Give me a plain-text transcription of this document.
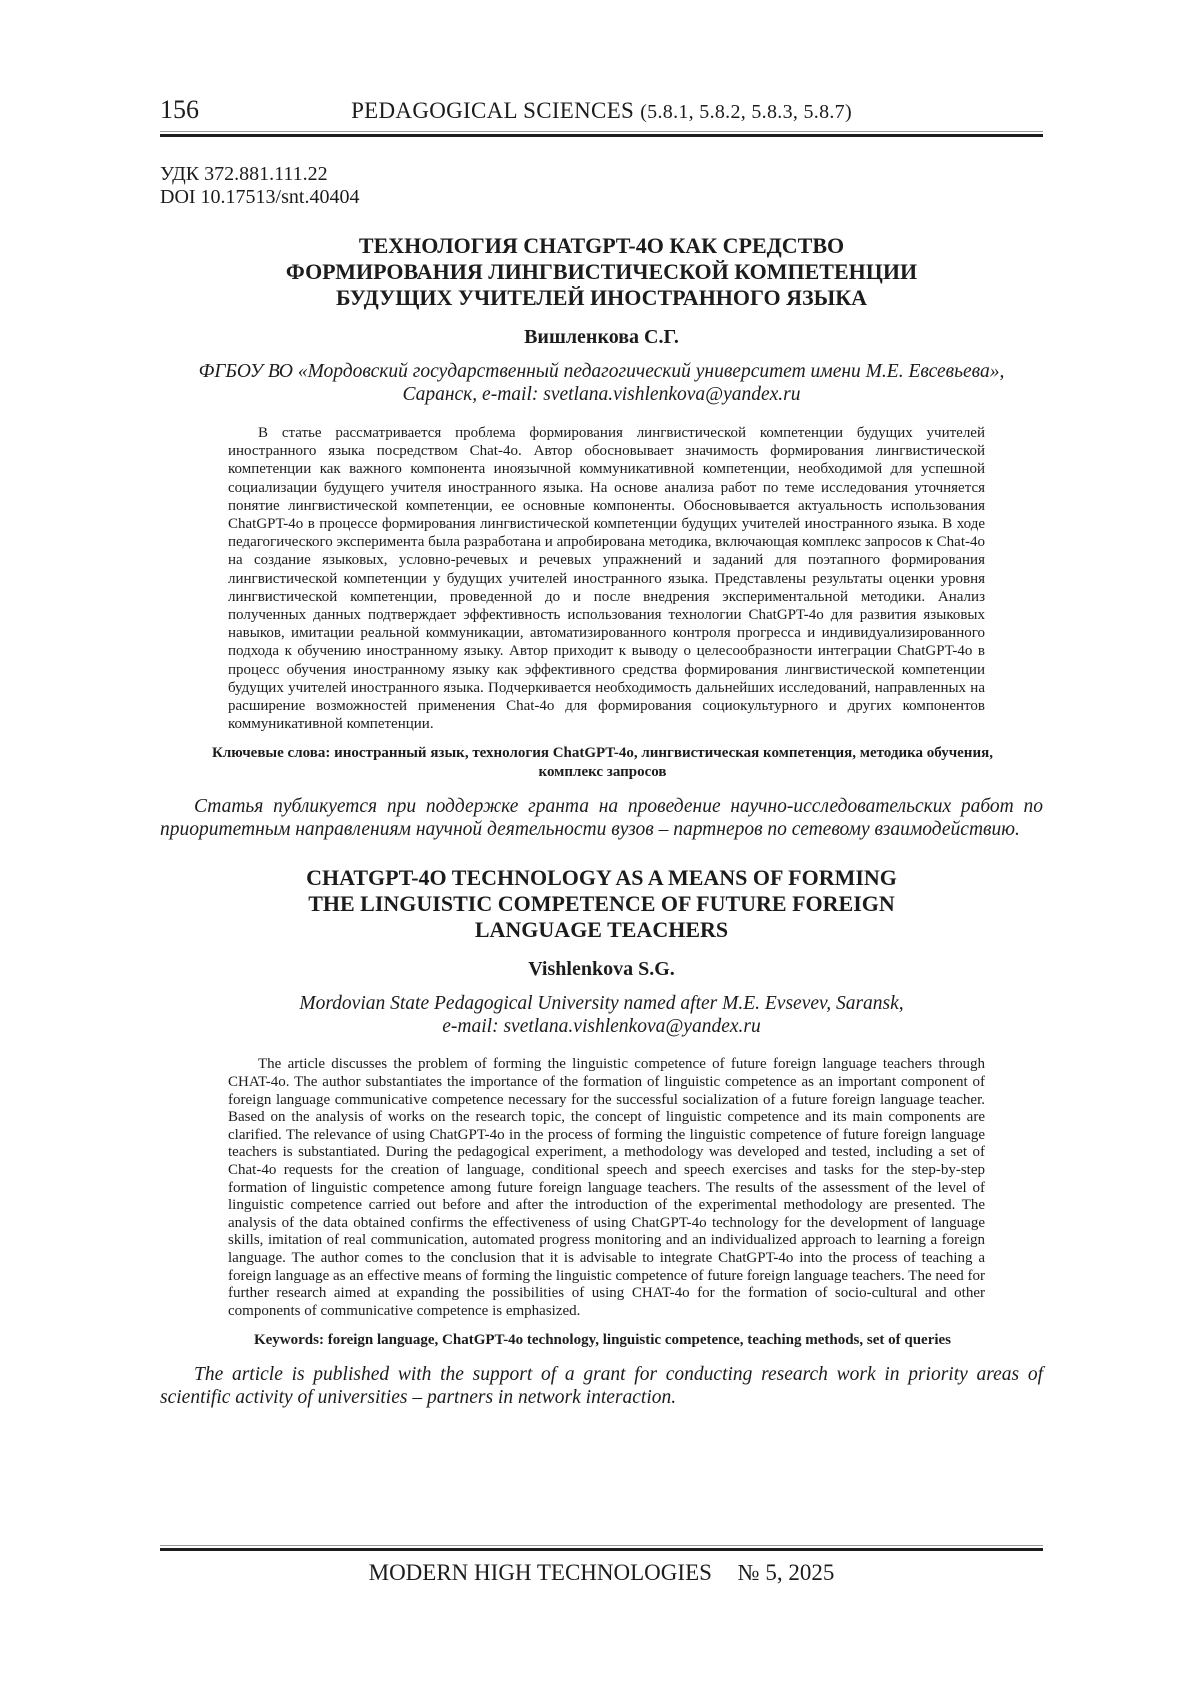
156	PEDAGOGICAL SCIENCES (5.8.1, 5.8.2, 5.8.3, 5.8.7)
УДК 372.881.111.22
DOI 10.17513/snt.40404
ТЕХНОЛОГИЯ CHATGPT-4O КАК СРЕДСТВО
ФОРМИРОВАНИЯ ЛИНГВИСТИЧЕСКОЙ КОМПЕТЕНЦИИ
БУДУЩИХ УЧИТЕЛЕЙ ИНОСТРАННОГО ЯЗЫКА
Вишленкова С.Г.
ФГБОУ ВО «Мордовский государственный педагогический университет имени М.Е. Евсевьева»,
Саранск, e-mail: svetlana.vishlenkova@yandex.ru
В статье рассматривается проблема формирования лингвистической компетенции будущих учителей иностранного языка посредством Chat-4o. Автор обосновывает значимость формирования лингвистической компетенции как важного компонента иноязычной коммуникативной компетенции, необходимой для успешной социализации будущего учителя иностранного языка. На основе анализа работ по теме исследования уточняется понятие лингвистической компетенции, ее основные компоненты. Обосновывается актуальность использования ChatGPT-4o в процессе формирования лингвистической компетенции будущих учителей иностранного языка. В ходе педагогического эксперимента была разработана и апробирована методика, включающая комплекс запросов к Chat-4o на создание языковых, условно-речевых и речевых упражнений и заданий для поэтапного формирования лингвистической компетенции у будущих учителей иностранного языка. Представлены результаты оценки уровня лингвистической компетенции, проведенной до и после внедрения экспериментальной методики. Анализ полученных данных подтверждает эффективность использования технологии ChatGPT-4o для развития языковых навыков, имитации реальной коммуникации, автоматизированного контроля прогресса и индивидуализированного подхода к обучению иностранному языку. Автор приходит к выводу о целесообразности интеграции ChatGPT-4o в процесс обучения иностранному языку как эффективного средства формирования лингвистической компетенции будущих учителей иностранного языка. Подчеркивается необходимость дальнейших исследований, направленных на расширение возможностей применения Chat-4o для формирования социокультурного и других компонентов коммуникативной компетенции.
Ключевые слова: иностранный язык, технология ChatGPT-4o, лингвистическая компетенция, методика обучения, комплекс запросов
Статья публикуется при поддержке гранта на проведение научно-исследовательских работ по приоритетным направлениям научной деятельности вузов – партнеров по сетевому взаимодействию.
CHATGPT-4O TECHNOLOGY AS A MEANS OF FORMING
THE LINGUISTIC COMPETENCE OF FUTURE FOREIGN
LANGUAGE TEACHERS
Vishlenkova S.G.
Mordovian State Pedagogical University named after M.E. Evsevev, Saransk,
e-mail: svetlana.vishlenkova@yandex.ru
The article discusses the problem of forming the linguistic competence of future foreign language teachers through CHAT-4o. The author substantiates the importance of the formation of linguistic competence as an important component of foreign language communicative competence necessary for the successful socialization of a future foreign language teacher. Based on the analysis of works on the research topic, the concept of linguistic competence and its main components are clarified. The relevance of using ChatGPT-4o in the process of forming the linguistic competence of future foreign language teachers is substantiated. During the pedagogical experiment, a methodology was developed and tested, including a set of Chat-4o requests for the creation of language, conditional speech and speech exercises and tasks for the step-by-step formation of linguistic competence among future foreign language teachers. The results of the assessment of the level of linguistic competence carried out before and after the introduction of the experimental methodology are presented. The analysis of the data obtained confirms the effectiveness of using ChatGPT-4o technology for the development of language skills, imitation of real communication, automated progress monitoring and an individualized approach to learning a foreign language. The author comes to the conclusion that it is advisable to integrate ChatGPT-4o into the process of teaching a foreign language as an effective means of forming the linguistic competence of future foreign language teachers. The need for further research aimed at expanding the possibilities of using CHAT-4o for the formation of socio-cultural and other components of communicative competence is emphasized.
Keywords: foreign language, ChatGPT-4o technology, linguistic competence, teaching methods, set of queries
The article is published with the support of a grant for conducting research work in priority areas of scientific activity of universities – partners in network interaction.
MODERN HIGH TECHNOLOGIES № 5, 2025
